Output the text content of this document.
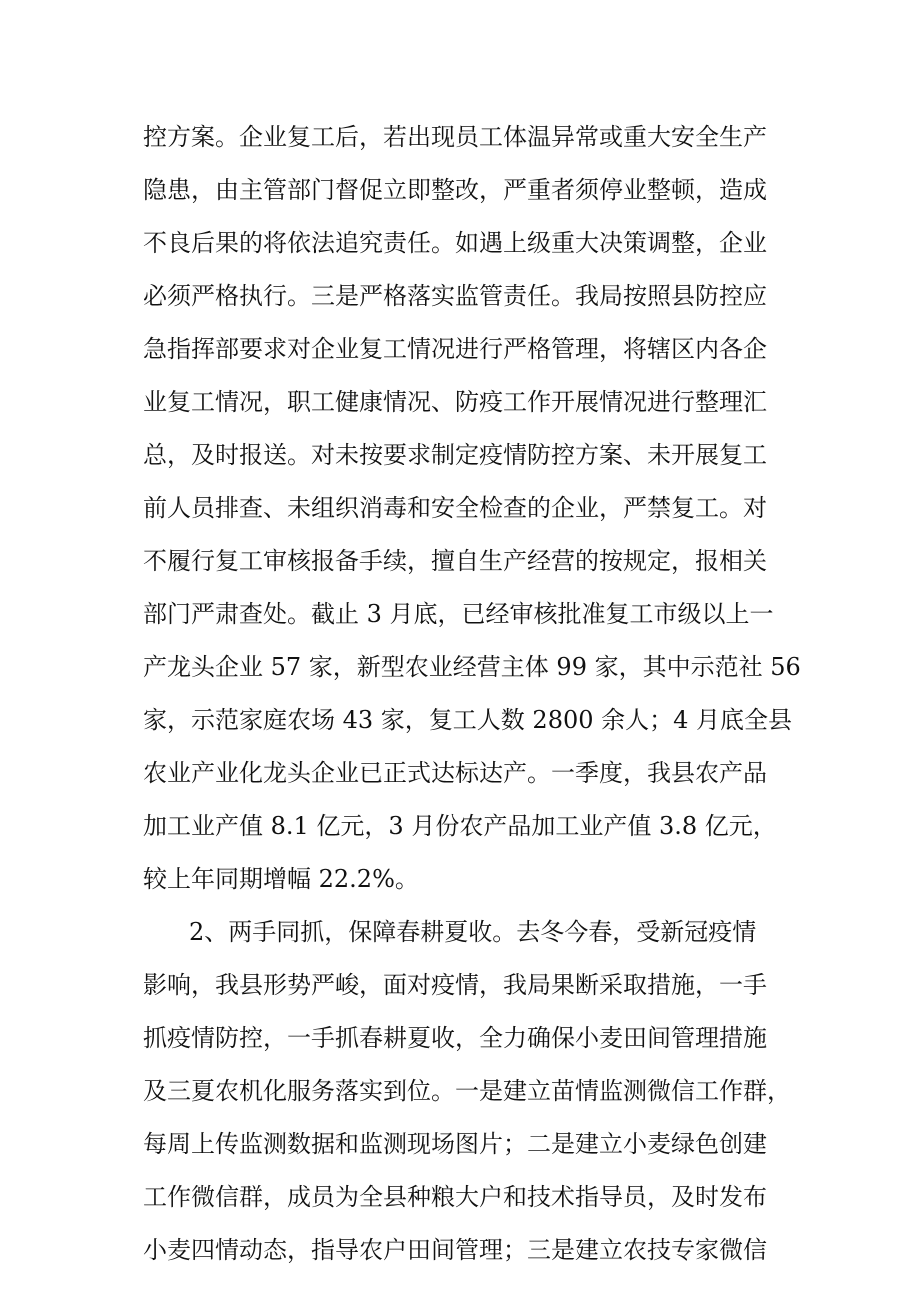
控方案。企业复工后，若出现员工体温异常或重大安全生产
隐患，由主管部门督促立即整改，严重者须停业整顿，造成
不良后果的将依法追究责任。如遇上级重大决策调整，企业
必须严格执行。三是严格落实监管责任。我局按照县防控应
急指挥部要求对企业复工情况进行严格管理，将辖区内各企
业复工情况，职工健康情况、防疫工作开展情况进行整理汇
总，及时报送。对未按要求制定疫情防控方案、未开展复工
前人员排查、未组织消毒和安全检查的企业，严禁复工。对
不履行复工审核报备手续，擅自生产经营的按规定，报相关
部门严肃查处。截止 3 月底，已经审核批准复工市级以上一
产龙头企业 57 家，新型农业经营主体 99 家，其中示范社 56
家，示范家庭农场 43 家，复工人数 2800 余人；4 月底全县
农业产业化龙头企业已正式达标达产。一季度，我县农产品
加工业产值 8.1 亿元，3 月份农产品加工业产值 3.8 亿元，
较上年同期增幅 22.2%。
2、两手同抓，保障春耕夏收。去冬今春，受新冠疫情
影响，我县形势严峻，面对疫情，我局果断采取措施，一手
抓疫情防控，一手抓春耕夏收，全力确保小麦田间管理措施
及三夏农机化服务落实到位。一是建立苗情监测微信工作群，
每周上传监测数据和监测现场图片；二是建立小麦绿色创建
工作微信群，成员为全县种粮大户和技术指导员，及时发布
小麦四情动态，指导农户田间管理；三是建立农技专家微信
